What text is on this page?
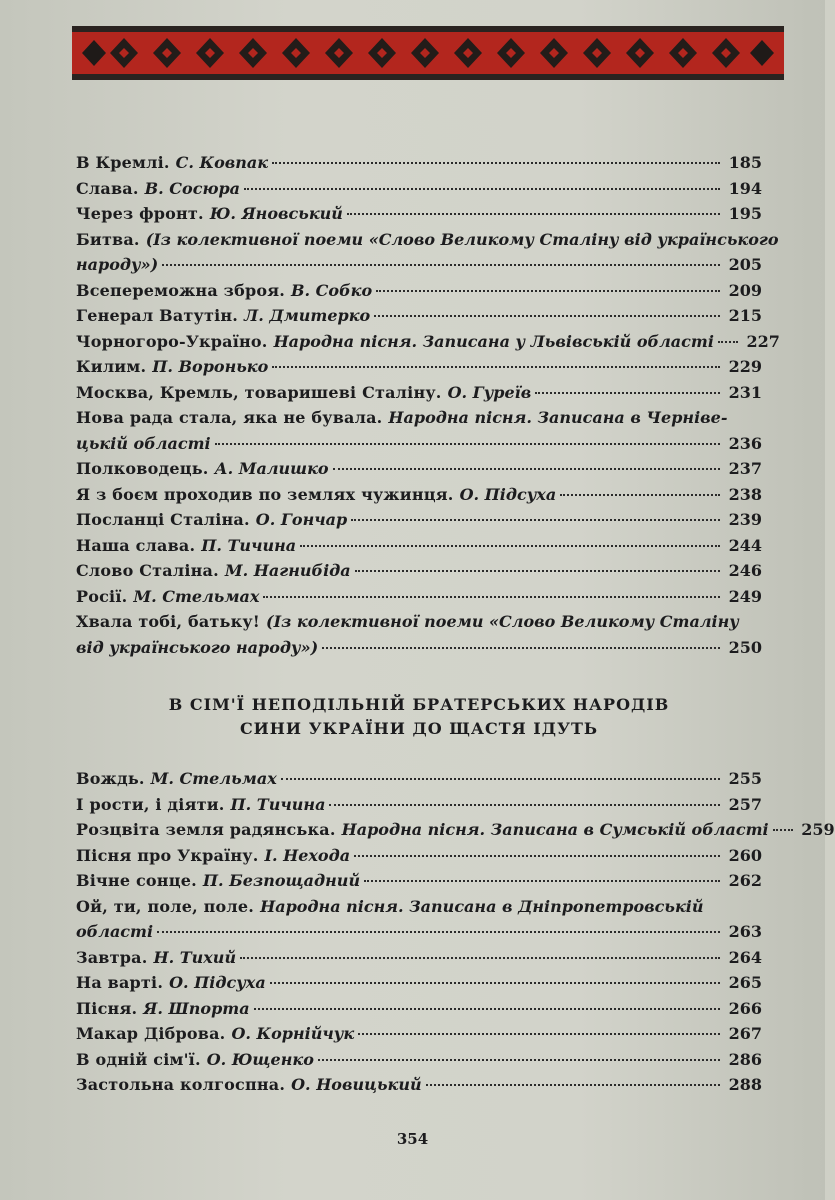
В Кремлі. С. Ковпак	185
Слава. В. Сосюра	194
Через фронт. Ю. Яновський	195
Битва. (Із колективної поеми «Слово Великому Сталіну від українського
народу»)	205
Всепереможна зброя. В. Собко	209
Генерал Ватутін. Л. Дмитерко	215
Чорногоро-Україно. Народна пісня. Записана у Львівській області 227
Килим. П. Воронько	229
Москва, Кремль, товаришеві Сталіну. О. Гуреїв	231
Нова рада стала, яка не бувала. Народна пісня. Записана в Черніве-
цькій області	236
Полководець. А. Малишко	237
Я з боєм проходив по землях чужинця. О. Підсуха	238
Посланці Сталіна. О. Гончар	239
Наша слава. П. Тичина	244
Слово Сталіна. М. Нагнибіда	246
Росії. М. Стельмах	249
Хвала тобі, батьку! (Із колективної поеми «Слово Великому Сталіну
від українського народу»)	250
В СІМ'Ї НЕПОДІЛЬНІЙ БРАТЕРСЬКИХ НАРОДІВ
СИНИ УКРАЇНИ ДО ЩАСТЯ ІДУТЬ
Вождь. М. Стельмах	255
І рости, і діяти. П. Тичина	257
Розцвіта земля радянська. Народна пісня. Записана в Сумській області 259
Пісня про Україну. І. Нехода	260
Вічне сонце. П. Безпощадний	262
Ой, ти, поле, поле. Народна пісня. Записана в Дніпропетровській
області	263
Завтра. Н. Тихий	264
На варті. О. Підсуха	265
Пісня. Я. Шпорта	266
Макар Діброва. О. Корнійчук	267
В одній сім'ї. О. Ющенко	286
Застольна колгоспна. О. Новицький	288
354
